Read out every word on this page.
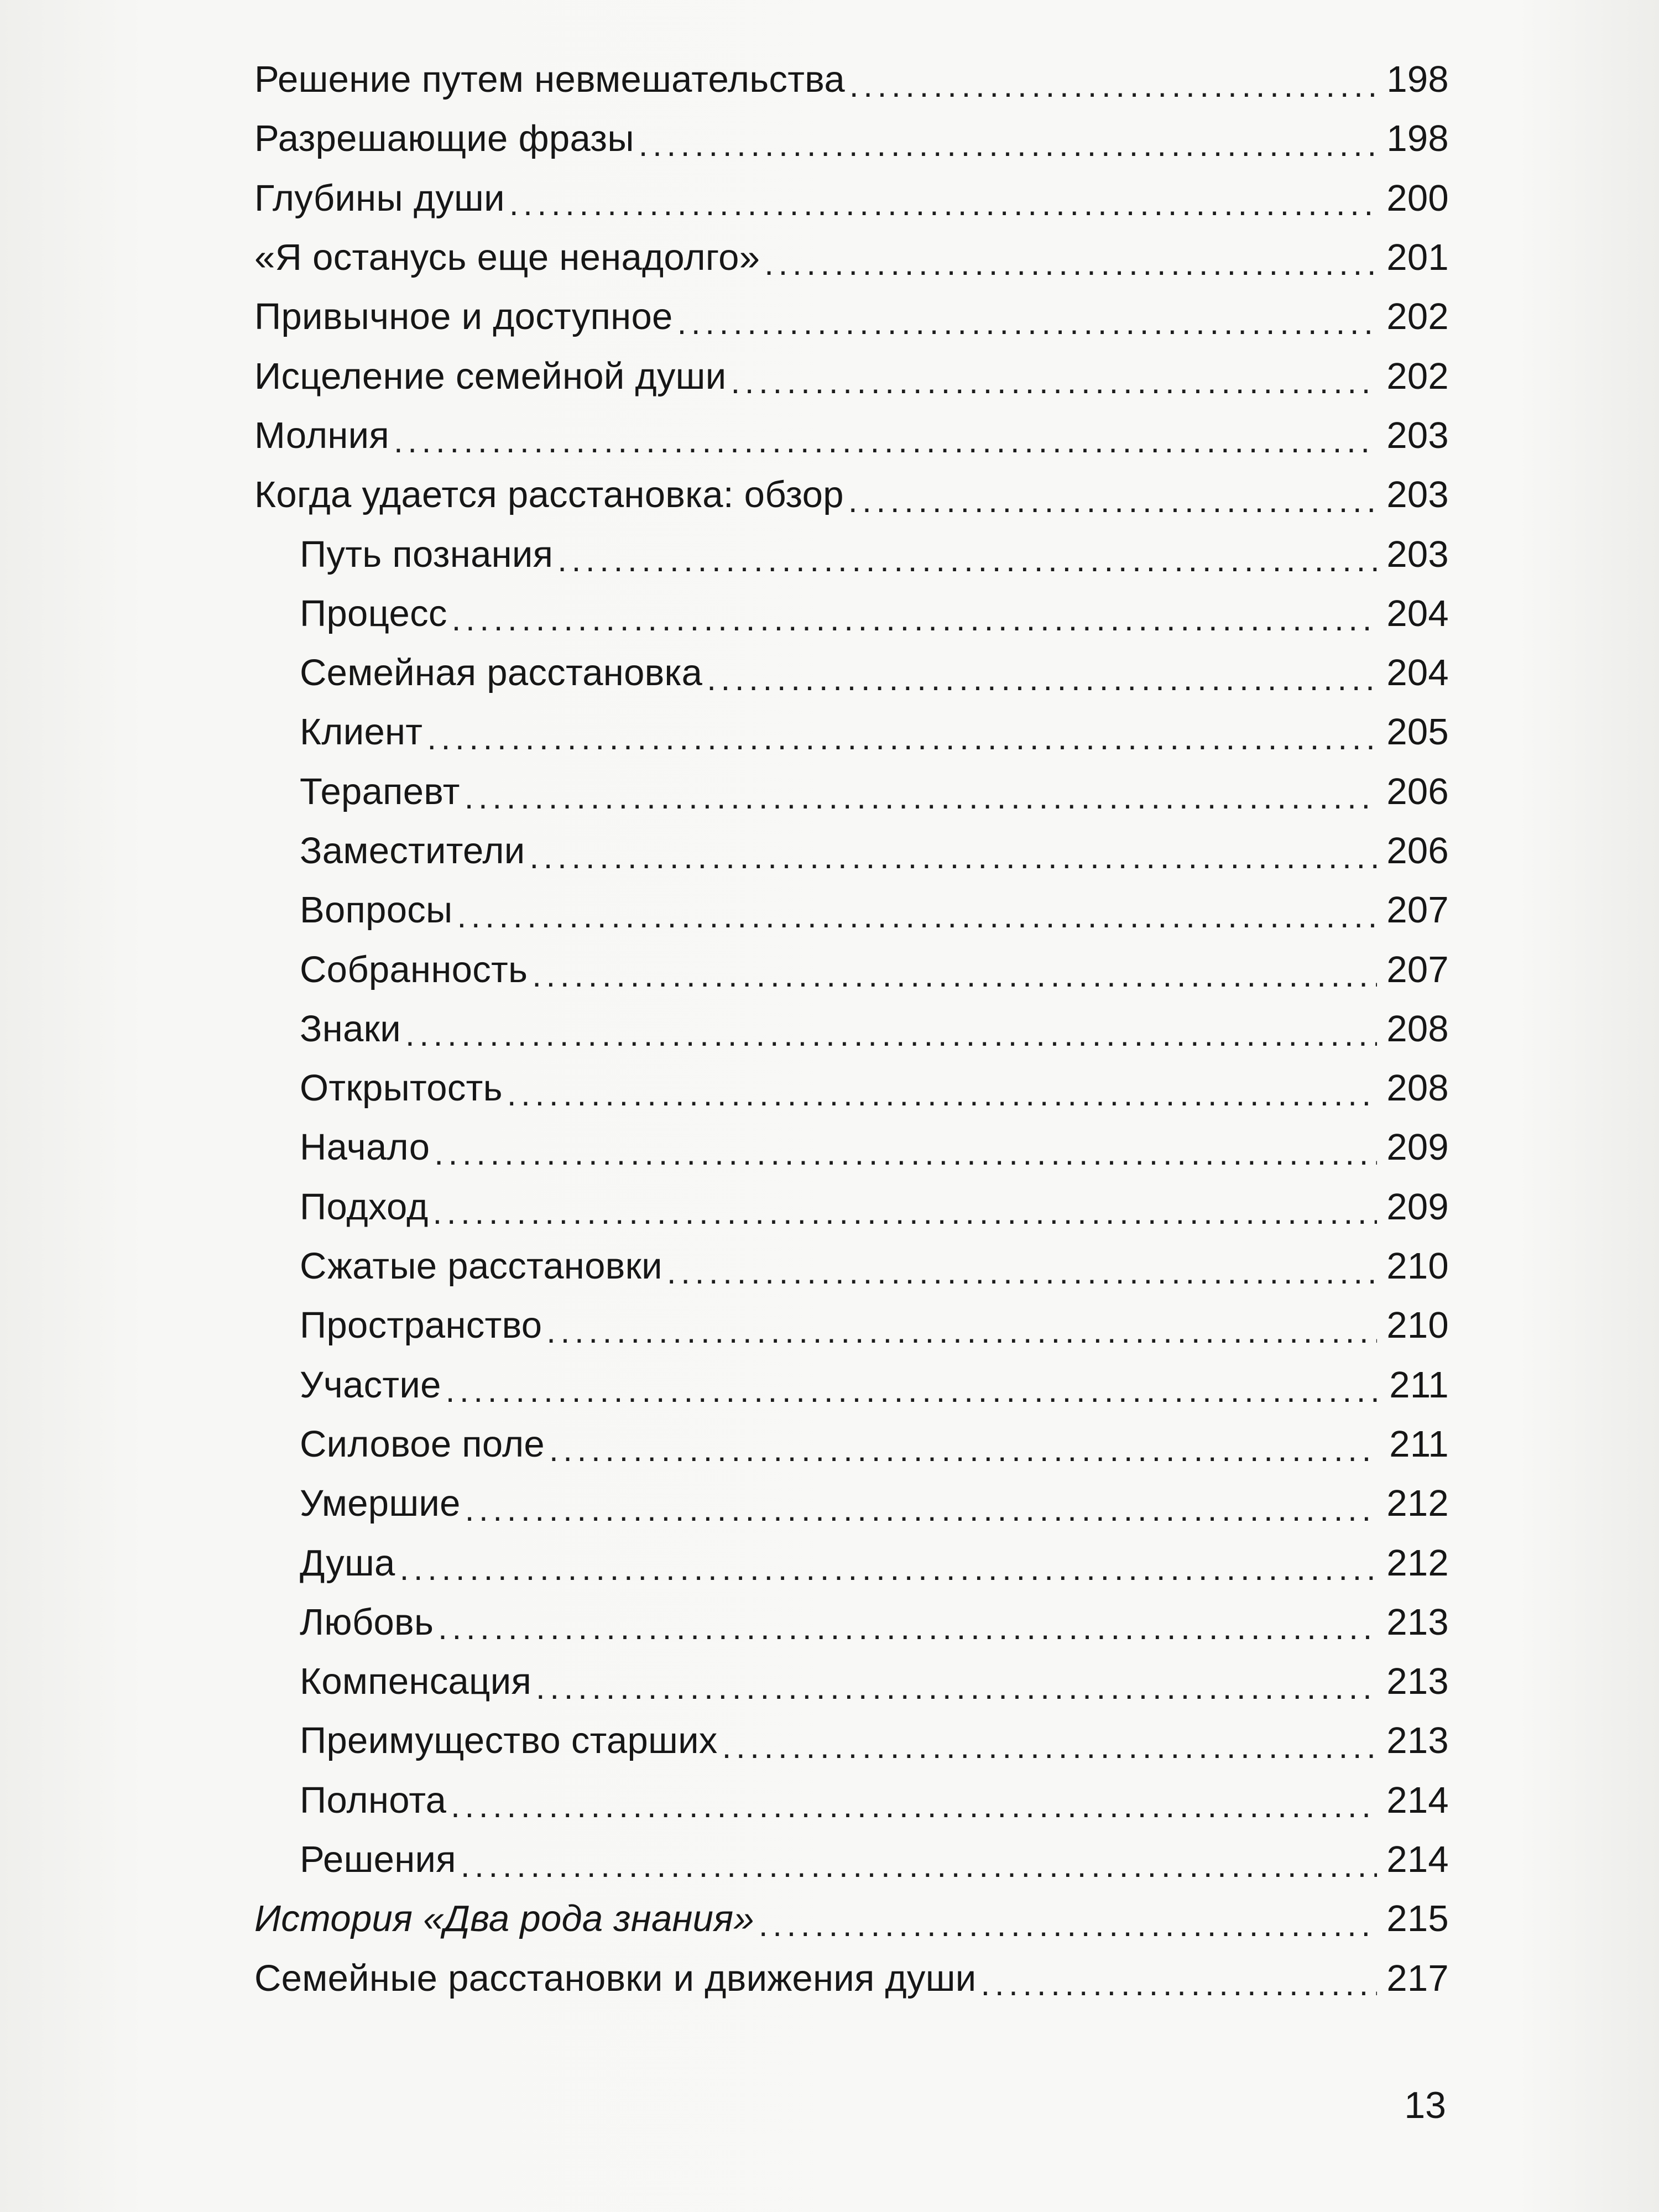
Решение путем невмешательства . . .	198
Разрешающие фразы . . .	198
Глубины души . . .	200
«Я останусь еще ненадолго» . . .	201
Привычное и доступное . . .	202
Исцеление семейной души . . .	202
Молния . . .	203
Когда удается расстановка: обзор . . .	203
Путь познания . . .	203
Процесс . . .	204
Семейная расстановка . . .	204
Клиент . . .	205
Терапевт . . .	206
Заместители . . .	206
Вопросы . . .	207
Собранность . . .	207
Знаки . . .	208
Открытость . . .	208
Начало . . .	209
Подход . . .	209
Сжатые расстановки . . .	210
Пространство . . .	210
Участие . . .	211
Силовое поле . . .	211
Умершие . . .	212
Душа . . .	212
Любовь . . .	213
Компенсация . . .	213
Преимущество старших . . .	213
Полнота . . .	214
Решения . . .	214
История «Два рода знания» . . .	215
Семейные расстановки и движения души . . .	217
13
